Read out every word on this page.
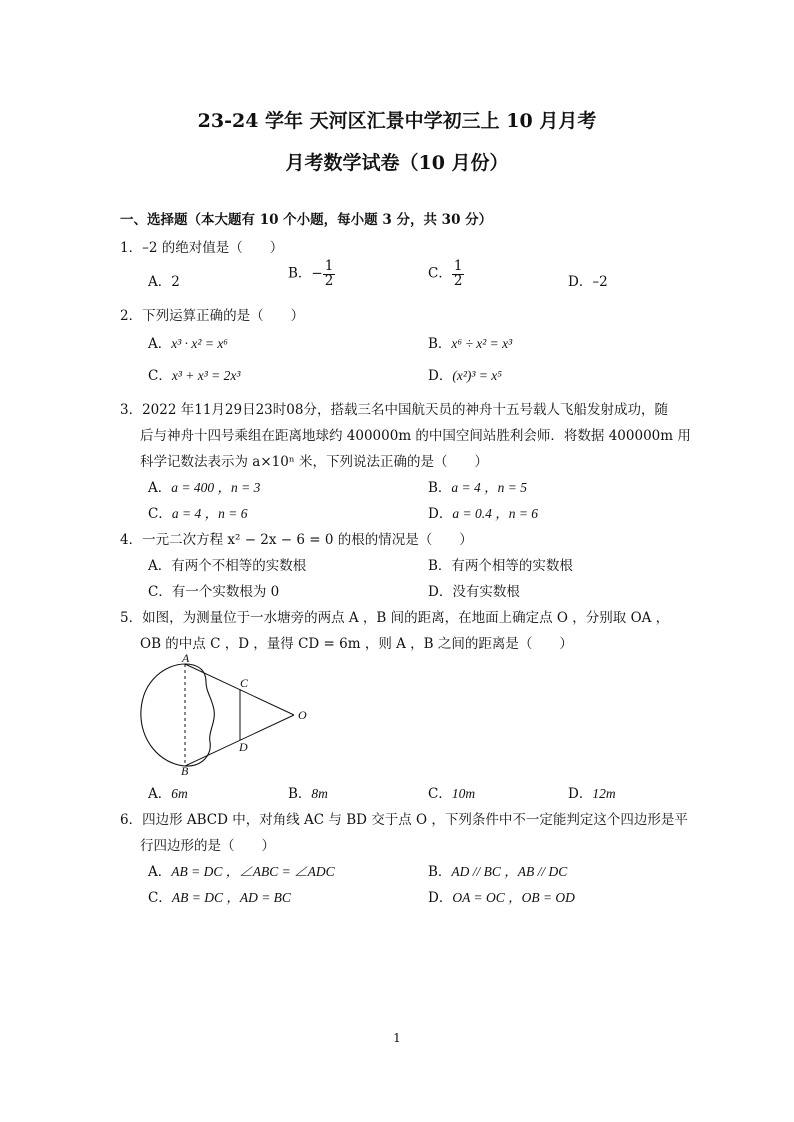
23-24 学年 天河区汇景中学初三上 10 月月考
月考数学试卷（10 月份）
一、选择题（本大题有 10 个小题，每小题 3 分，共 30 分）
1．–2 的绝对值是（　　）
A．2
B．− $\frac{1}{2}$	C． $\frac{1}{2}$	D．–2
2．下列运算正确的是（　　）
A．x³ · x² = x⁶	B．x⁶ ÷ x² = x³
C．x³ + x³ = 2x³	D．(x²)³ = x⁵
3．2022 年11月29日23时08分，搭载三名中国航天员的神舟十五号载人飞船发射成功，随
后与神舟十四号乘组在距离地球约 400000m 的中国空间站胜利会师．将数据 400000m 用
科学记数法表示为 a×10ⁿ 米，下列说法正确的是（　　）
A．a = 400 ，n = 3	B．a = 4 ，n = 5
C．a = 4 ，n = 6	D．a = 0.4 ，n = 6
4．一元二次方程 x² − 2x − 6 = 0 的根的情况是（　　）
A．有两个不相等的实数根	B．有两个相等的实数根
C．有一个实数根为 0	D．没有实数根
5．如图，为测量位于一水塘旁的两点 A ，B 间的距离，在地面上确定点 O ，分别取 OA ，
OB 的中点 C ，D ，量得 CD = 6m ，则 A ，B 之间的距离是（　　）
A
B
C
D
O
A．6m	B．8m	C．10m	D．12m
6．四边形 ABCD 中，对角线 AC 与 BD 交于点 O ，下列条件中不一定能判定这个四边形是平
行四边形的是（　　）
A．AB = DC ，∠ABC = ∠ADC	B．AD // BC ，AB // DC
C．AB = DC ，AD = BC	D．OA = OC ，OB = OD
1
